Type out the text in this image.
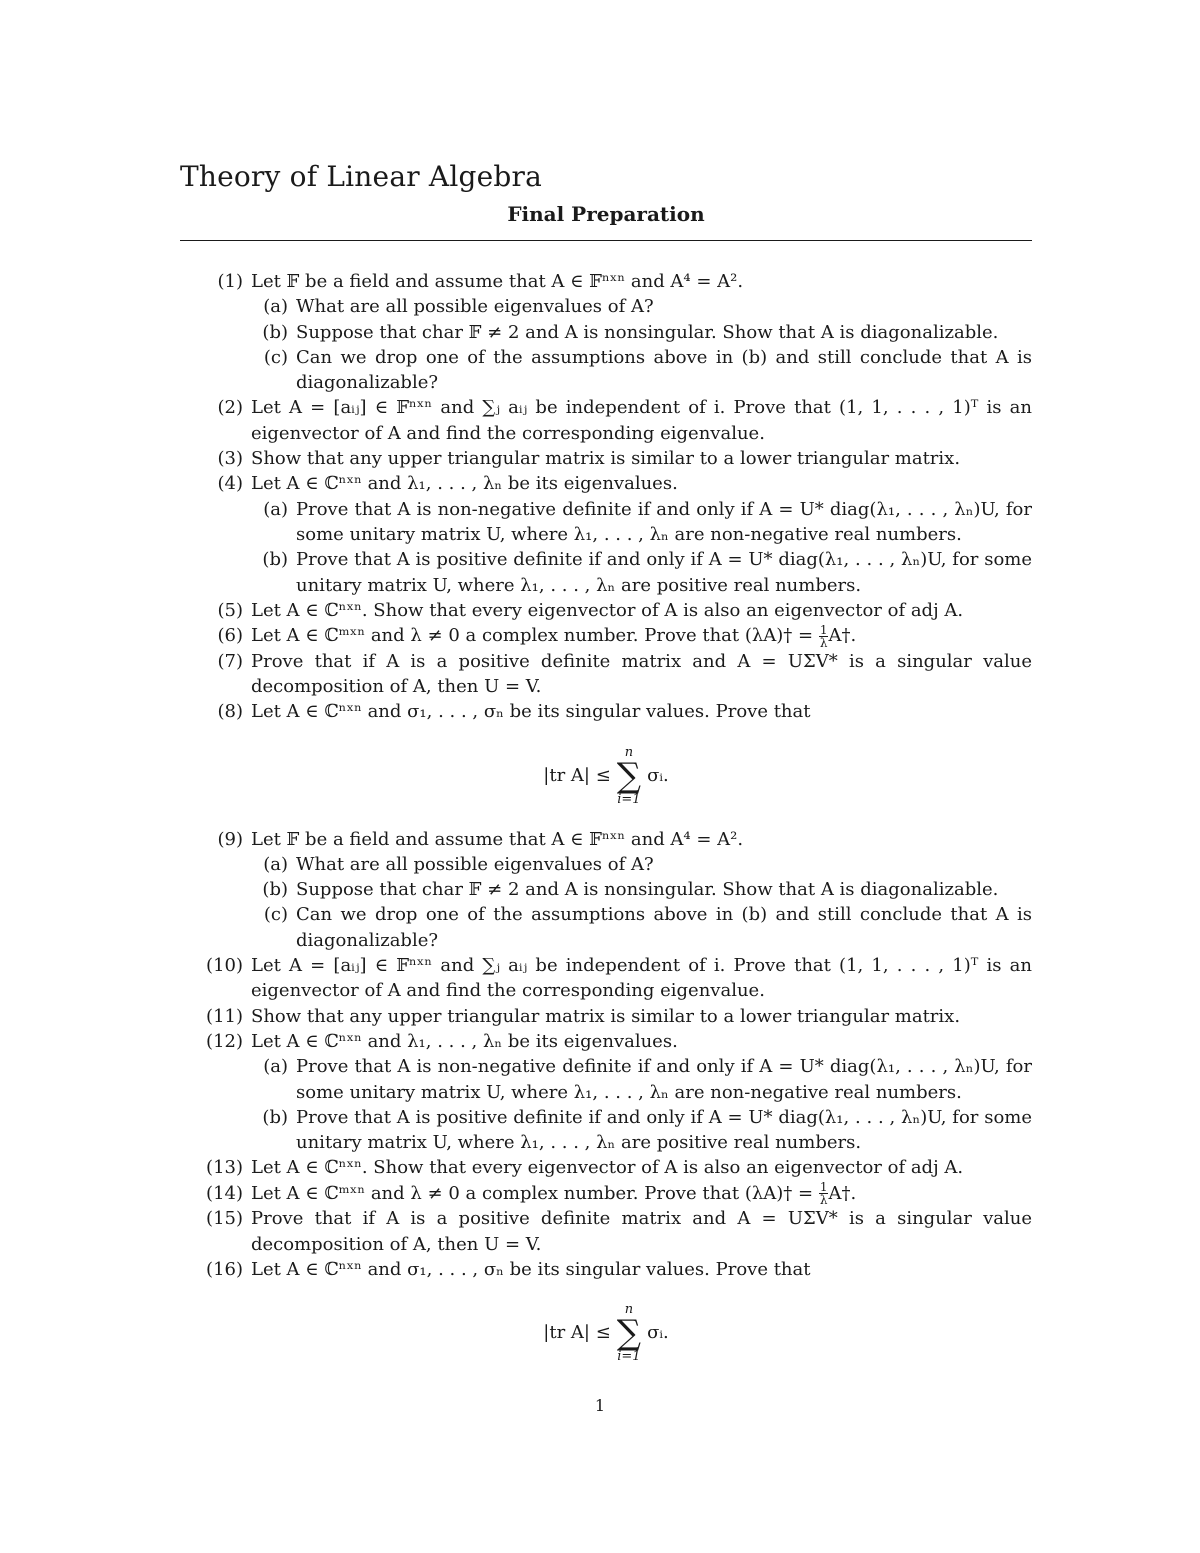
Theory of Linear Algebra
Final Preparation
(1) Let 𝔽 be a field and assume that A ∈ 𝔽ⁿˣⁿ and A⁴ = A².
(a) What are all possible eigenvalues of A?
(b) Suppose that char 𝔽 ≠ 2 and A is nonsingular. Show that A is diagonalizable.
(c) Can we drop one of the assumptions above in (b) and still conclude that A is diagonalizable?
(2) Let A = [aᵢⱼ] ∈ 𝔽ⁿˣⁿ and ∑ⱼ aᵢⱼ be independent of i. Prove that (1, 1, . . . , 1)ᵀ is an eigenvector of A and find the corresponding eigenvalue.
(3) Show that any upper triangular matrix is similar to a lower triangular matrix.
(4) Let A ∈ ℂⁿˣⁿ and λ₁, . . . , λₙ be its eigenvalues.
(a) Prove that A is non-negative definite if and only if A = U* diag(λ₁, . . . , λₙ)U, for some unitary matrix U, where λ₁, . . . , λₙ are non-negative real numbers.
(b) Prove that A is positive definite if and only if A = U* diag(λ₁, . . . , λₙ)U, for some unitary matrix U, where λ₁, . . . , λₙ are positive real numbers.
(5) Let A ∈ ℂⁿˣⁿ. Show that every eigenvector of A is also an eigenvector of adj A.
(6) Let A ∈ ℂᵐˣⁿ and λ ≠ 0 a complex number. Prove that (λA)† = $\frac{1}{\lambda}$ A†.
(7) Prove that if A is a positive definite matrix and A = UΣV* is a singular value decomposition of A, then U = V.
(8) Let A ∈ ℂⁿˣⁿ and σ₁, . . . , σₙ be its singular values. Prove that
|tr A| ≤
n
∑
i=1
σᵢ.
(9) Let 𝔽 be a field and assume that A ∈ 𝔽ⁿˣⁿ and A⁴ = A².
(a) What are all possible eigenvalues of A?
(b) Suppose that char 𝔽 ≠ 2 and A is nonsingular. Show that A is diagonalizable.
(c) Can we drop one of the assumptions above in (b) and still conclude that A is diagonalizable?
(10) Let A = [aᵢⱼ] ∈ 𝔽ⁿˣⁿ and ∑ⱼ aᵢⱼ be independent of i. Prove that (1, 1, . . . , 1)ᵀ is an eigenvector of A and find the corresponding eigenvalue.
(11) Show that any upper triangular matrix is similar to a lower triangular matrix.
(12) Let A ∈ ℂⁿˣⁿ and λ₁, . . . , λₙ be its eigenvalues.
(a) Prove that A is non-negative definite if and only if A = U* diag(λ₁, . . . , λₙ)U, for some unitary matrix U, where λ₁, . . . , λₙ are non-negative real numbers.
(b) Prove that A is positive definite if and only if A = U* diag(λ₁, . . . , λₙ)U, for some unitary matrix U, where λ₁, . . . , λₙ are positive real numbers.
(13) Let A ∈ ℂⁿˣⁿ. Show that every eigenvector of A is also an eigenvector of adj A.
(14) Let A ∈ ℂᵐˣⁿ and λ ≠ 0 a complex number. Prove that (λA)† = $\frac{1}{\lambda}$ A†.
(15) Prove that if A is a positive definite matrix and A = UΣV* is a singular value decomposition of A, then U = V.
(16) Let A ∈ ℂⁿˣⁿ and σ₁, . . . , σₙ be its singular values. Prove that
|tr A| ≤
n
∑
i=1
σᵢ.
1
